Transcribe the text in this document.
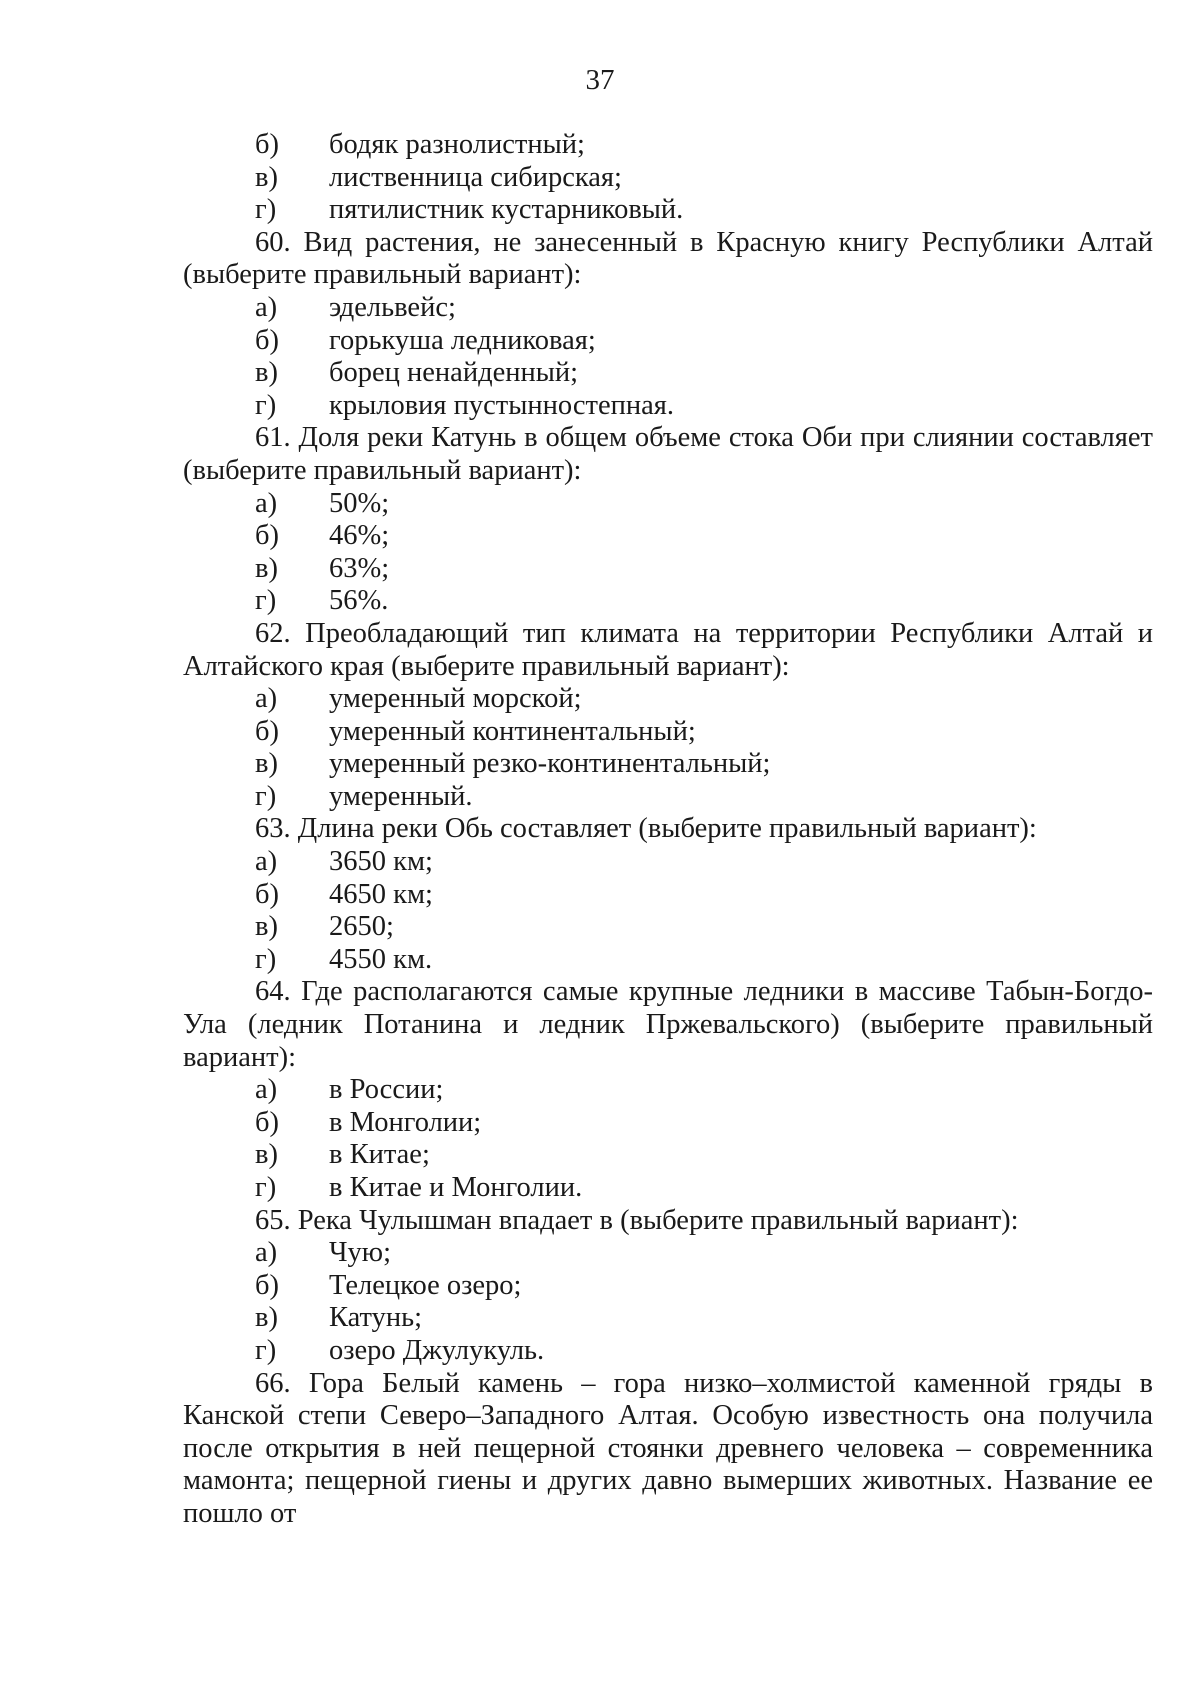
37
б)	бодяк разнолистный;
в)	лиственница сибирская;
г)	пятилистник кустарниковый.
60. Вид растения, не занесенный в Красную книгу Республики Алтай (выберите правильный вариант):
а)	эдельвейс;
б)	горькуша ледниковая;
в)	борец ненайденный;
г)	крыловия пустынностепная.
61. Доля реки Катунь в общем объеме стока Оби при слиянии составляет (выберите правильный вариант):
а)	50%;
б)	46%;
в)	63%;
г)	56%.
62. Преобладающий тип климата на территории Республики Алтай и Алтайского края (выберите правильный вариант):
а)	умеренный морской;
б)	умеренный континентальный;
в)	умеренный резко-континентальный;
г)	умеренный.
63. Длина реки Обь составляет (выберите правильный вариант):
а)	3650 км;
б)	4650 км;
в)	2650;
г)	4550 км.
64. Где располагаются самые крупные ледники в массиве Табын-Богдо-Ула (ледник Потанина и ледник Пржевальского) (выберите правильный вариант):
а)	в России;
б)	в Монголии;
в)	в Китае;
г)	в Китае и Монголии.
65. Река Чулышман впадает в (выберите правильный вариант):
а)	Чую;
б)	Телецкое озеро;
в)	Катунь;
г)	озеро Джулукуль.
66. Гора Белый камень – гора низко–холмистой каменной гряды в Канской степи Северо–Западного Алтая. Особую известность она получила после открытия в ней пещерной стоянки древнего человека – современника мамонта; пещерной гиены и других давно вымерших животных. Название ее пошло от
